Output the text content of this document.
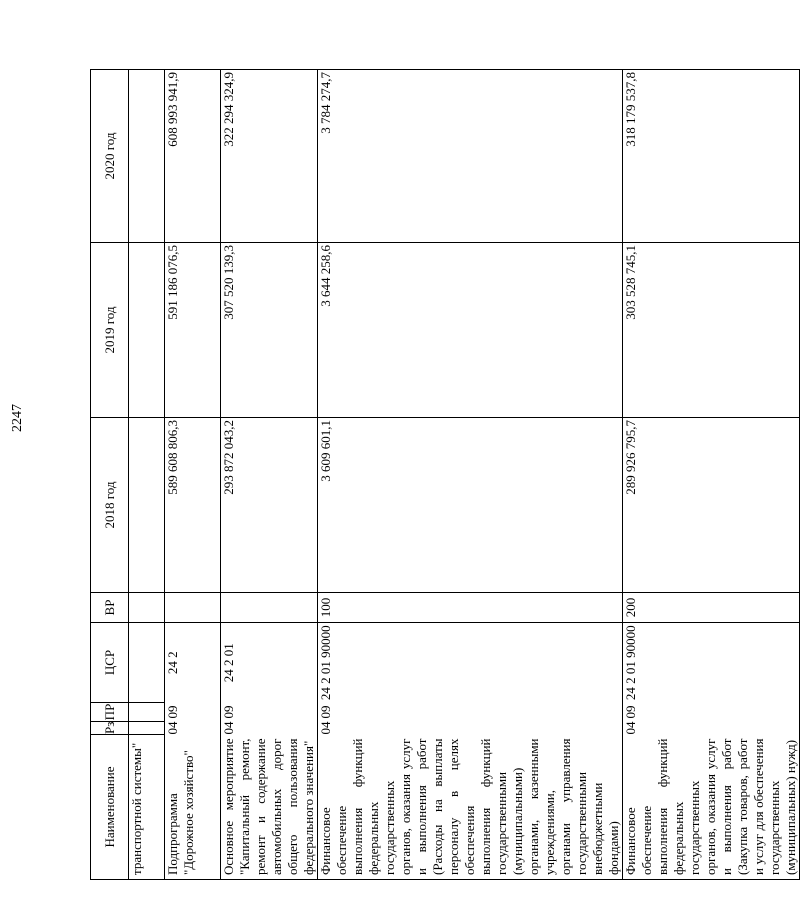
2247
Наименование	Рз	ПР	ЦСР	ВР	2018 год	2019 год	2020 год
транспортной системы"							
Подпрограмма "Дорожное хозяйство"	04	09	24 2		589 608 806,3	591 186 076,5	608 993 941,9
Основное мероприятие "Капитальный ремонт, ремонт и содержание автомобильных дорог общего пользования федерального значения"	04	09	24 2 01		293 872 043,2	307 520 139,3	322 294 324,9
Финансовое обеспечение выполнения функций федеральных государственных органов, оказания услуг и выполнения работ (Расходы на выплаты персоналу в целях обеспечения выполнения функций государственными (муниципальными) органами, казенными учреждениями, органами управления государственными внебюджетными фондами)	04	09	24 2 01 90000	100	3 609 601,1	3 644 258,6	3 784 274,7
Финансовое обеспечение выполнения функций федеральных государственных органов, оказания услуг и выполнения работ (Закупка товаров, работ и услуг для обеспечения государственных (муниципальных) нужд)	04	09	24 2 01 90000	200	289 926 795,7	303 528 745,1	318 179 537,8
